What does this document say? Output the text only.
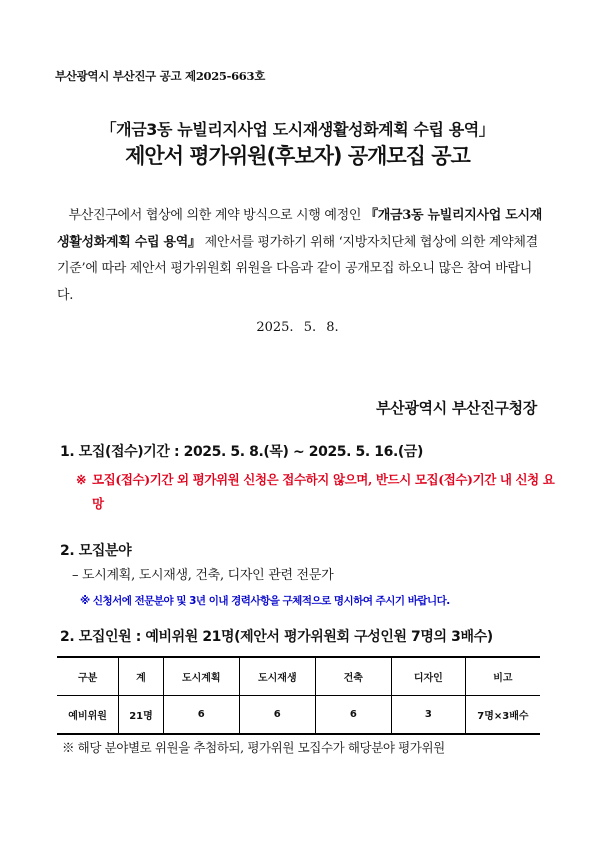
부산광역시 부산진구 공고 제2025-663호
「개금3동 뉴빌리지사업 도시재생활성화계획 수립 용역」
제안서 평가위원(후보자) 공개모집 공고

부산진구에서 협상에 의한 계약 방식으로 시행 예정인 『개금3동 뉴빌리지사업 도시재생활성화계획 수립 용역』 제안서를 평가하기 위해 ‘지방자치단체 협상에 의한 계약체결 기준’에 따라 제안서 평가위원회 위원을 다음과 같이 공개모집 하오니 많은 참여 바랍니다.

2025. 5. 8.
부산광역시 부산진구청장
1. 모집(접수)기간 : 2025. 5. 8.(목) ~ 2025. 5. 16.(금)
※ 모집(접수)기간 외 평가위원 신청은 접수하지 않으며, 반드시 모집(접수)기간 내 신청 요망
2. 모집분야
– 도시계획, 도시재생, 건축, 디자인 관련 전문가
※ 신청서에 전문분야 및 3년 이내 경력사항을 구체적으로 명시하여 주시기 바랍니다.
2. 모집인원 : 예비위원 21명(제안서 평가위원회 구성인원 7명의 3배수)
구분	계	도시계획	도시재생	건축	디자인	비고
예비위원	21명	6	6	6	3	7명×3배수
※ 해당 분야별로 위원을 추첨하되, 평가위원 모집수가 해당분야 평가위원
